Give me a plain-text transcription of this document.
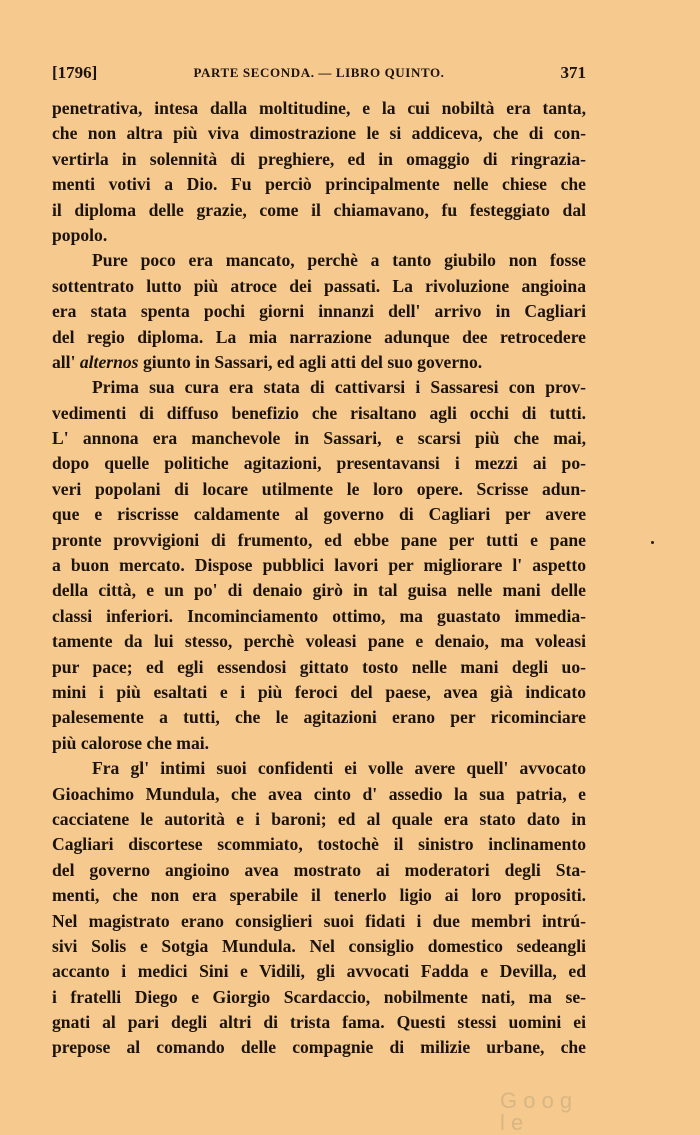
[1796]	PARTE SECONDA. — LIBRO QUINTO.	371
penetrativa, intesa dalla moltitudine, e la cui nobiltà era tanta,
che non altra più viva dimostrazione le si addiceva, che di con-
vertirla in solennità di preghiere, ed in omaggio di ringrazia-
menti votivi a Dio. Fu perciò principalmente nelle chiese che
il diploma delle grazie, come il chiamavano, fu festeggiato dal
popolo.
Pure poco era mancato, perchè a tanto giubilo non fosse
sottentrato lutto più atroce dei passati. La rivoluzione angioina
era stata spenta pochi giorni innanzi dell' arrivo in Cagliari
del regio diploma. La mia narrazione adunque dee retrocedere
all' alternos giunto in Sassari, ed agli atti del suo governo.
Prima sua cura era stata di cattivarsi i Sassaresi con prov-
vedimenti di diffuso benefizio che risaltano agli occhi di tutti.
L' annona era manchevole in Sassari, e scarsi più che mai,
dopo quelle politiche agitazioni, presentavansi i mezzi ai po-
veri popolani di locare utilmente le loro opere. Scrisse adun-
que e riscrisse caldamente al governo di Cagliari per avere
pronte provvigioni di frumento, ed ebbe pane per tutti e pane
a buon mercato. Dispose pubblici lavori per migliorare l' aspetto
della città, e un po' di denaio girò in tal guisa nelle mani delle
classi inferiori. Incominciamento ottimo, ma guastato immedia-
tamente da lui stesso, perchè voleasi pane e denaio, ma voleasi
pur pace; ed egli essendosi gittato tosto nelle mani degli uo-
mini i più esaltati e i più feroci del paese, avea già indicato
palesemente a tutti, che le agitazioni erano per ricominciare
più calorose che mai.
Fra gl' intimi suoi confidenti ei volle avere quell' avvocato
Gioachimo Mundula, che avea cinto d' assedio la sua patria, e
cacciatene le autorità e i baroni; ed al quale era stato dato in
Cagliari discortese scommiato, tostochè il sinistro inclinamento
del governo angioino avea mostrato ai moderatori degli Sta-
menti, che non era sperabile il tenerlo ligio ai loro propositi.
Nel magistrato erano consiglieri suoi fidati i due membri intrú-
sivi Solis e Sotgia Mundula. Nel consiglio domestico sedeangli
accanto i medici Sini e Vidili, gli avvocati Fadda e Devilla, ed
i fratelli Diego e Giorgio Scardaccio, nobilmente nati, ma se-
gnati al pari degli altri di trista fama. Questi stessi uomini ei
prepose al comando delle compagnie di milizie urbane, che
G o o g l e
